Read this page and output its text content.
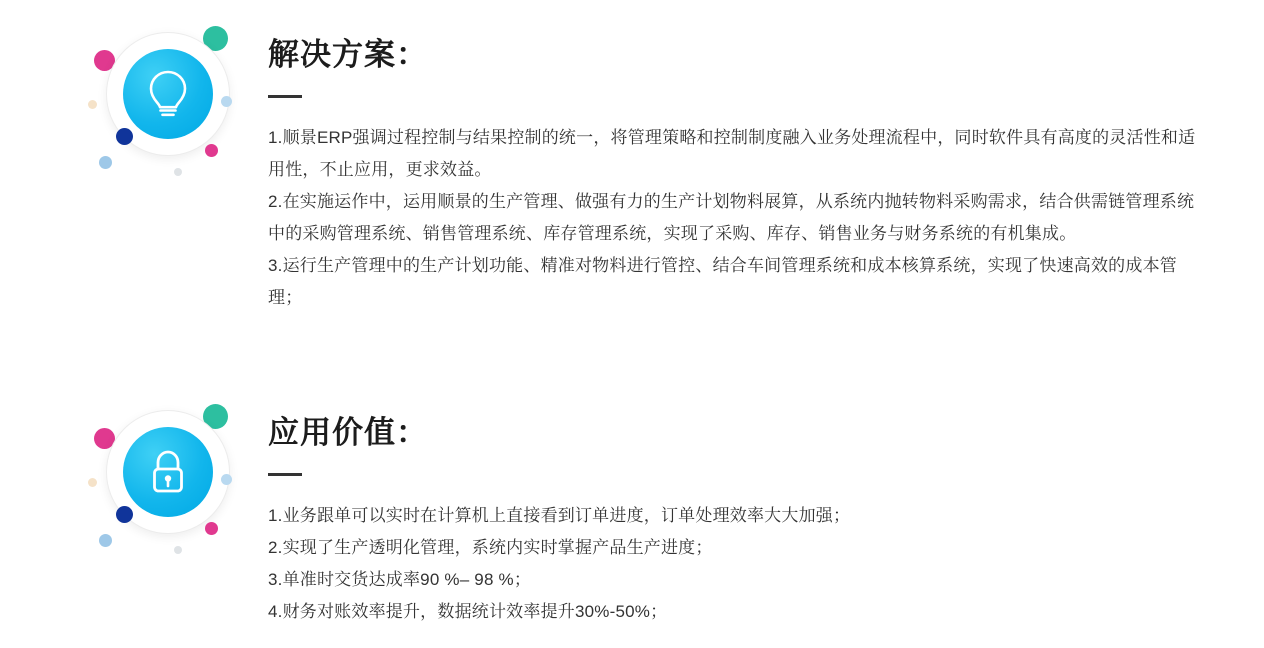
解决方案：

1.顺景ERP强调过程控制与结果控制的统一，将管理策略和控制制度融入业务处理流程中，同时软件具有高度的灵活性和适用性，不止应用，更求效益。

2.在实施运作中，运用顺景的生产管理、做强有力的生产计划物料展算，从系统内抛转物料采购需求，结合供需链管理系统中的采购管理系统、销售管理系统、库存管理系统，实现了采购、库存、销售业务与财务系统的有机集成。

3.运行生产管理中的生产计划功能、精准对物料进行管控、结合车间管理系统和成本核算系统，实现了快速高效的成本管理；

应用价值：

1.业务跟单可以实时在计算机上直接看到订单进度，订单处理效率大大加强；

2.实现了生产透明化管理，系统内实时掌握产品生产进度；

3.单准时交货达成率90 %– 98 %；

4.财务对账效率提升，数据统计效率提升30%-50%；
